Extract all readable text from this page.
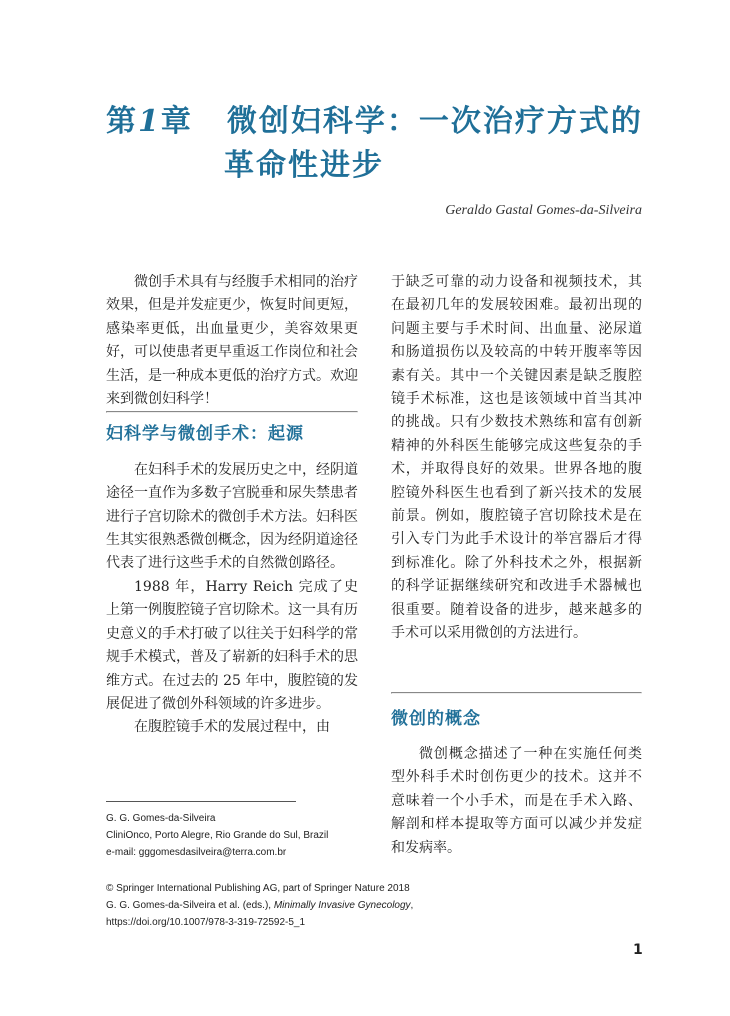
第1章 微创妇科学：一次治疗方式的
革命性进步
Geraldo Gastal Gomes-da-Silveira

微创手术具有与经腹手术相同的治疗效果，但是并发症更少，恢复时间更短，感染率更低，出血量更少，美容效果更好，可以使患者更早重返工作岗位和社会生活，是一种成本更低的治疗方式。欢迎来到微创妇科学！

妇科学与微创手术：起源

在妇科手术的发展历史之中，经阴道途径一直作为多数子宫脱垂和尿失禁患者进行子宫切除术的微创手术方法。妇科医生其实很熟悉微创概念，因为经阴道途径代表了进行这些手术的自然微创路径。

1988 年，Harry Reich 完成了史上第一例腹腔镜子宫切除术。这一具有历史意义的手术打破了以往关于妇科学的常规手术模式，普及了崭新的妇科手术的思维方式。在过去的 25 年中，腹腔镜的发展促进了微创外科领域的许多进步。

在腹腔镜手术的发展过程中，由

于缺乏可靠的动力设备和视频技术，其在最初几年的发展较困难。最初出现的问题主要与手术时间、出血量、泌尿道和肠道损伤以及较高的中转开腹率等因素有关。其中一个关键因素是缺乏腹腔镜手术标准，这也是该领域中首当其冲的挑战。只有少数技术熟练和富有创新精神的外科医生能够完成这些复杂的手术，并取得良好的效果。世界各地的腹腔镜外科医生也看到了新兴技术的发展前景。例如，腹腔镜子宫切除技术是在引入专门为此手术设计的举宫器后才得到标准化。除了外科技术之外，根据新的科学证据继续研究和改进手术器械也很重要。随着设备的进步，越来越多的手术可以采用微创的方法进行。

微创的概念

微创概念描述了一种在实施任何类型外科手术时创伤更少的技术。这并不意味着一个小手术，而是在手术入路、解剖和样本提取等方面可以减少并发症和发病率。

G. G. Gomes-da-Silveira
CliniOnco, Porto Alegre, Rio Grande do Sul, Brazil
e-mail: gggomesdasilveira@terra.com.br
© Springer International Publishing AG, part of Springer Nature 2018
G. G. Gomes-da-Silveira et al. (eds.), Minimally Invasive Gynecology,
https://doi.org/10.1007/978-3-319-72592-5_1
1
